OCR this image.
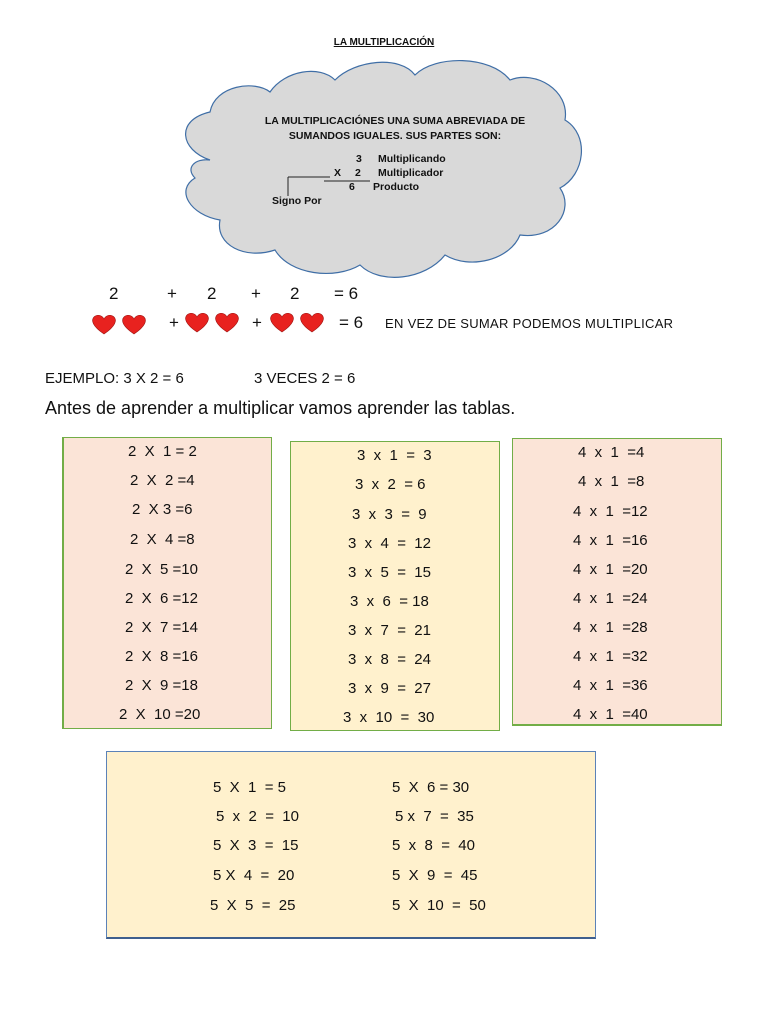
LA MULTIPLICACIÓN
LA MULTIPLICACIÓNES UNA SUMA ABREVIADA DE
SUMANDOS IGUALES. SUS PARTES SON:
3 Multiplicando
X 2 Multiplicador
6 Producto
Signo Por
2	+ 2 + 2 = 6
+	+	= 6 EN VEZ DE SUMAR PODEMOS MULTIPLICAR
EJEMPLO: 3 X 2 = 6	3 VECES 2 = 6
Antes de aprender a multiplicar vamos aprender las tablas.
2  X  1 = 2
2  X  2 =4
2  X 3 =6
2  X  4 =8
2  X  5 =10
2  X  6 =12
2  X  7 =14
2  X  8 =16
2  X  9 =18
2  X  10 =20
3  x  1  =  3
3  x  2  = 6
3  x  3  =  9
3  x  4  =  12
3  x  5  =  15
3  x  6  = 18
3  x  7  =  21
3  x  8  =  24
3  x  9  =  27
3  x  10  =  30
4  x  1  =4
4  x  1  =8
4  x  1  =12
4  x  1  =16
4  x  1  =20
4  x  1  =24
4  x  1  =28
4  x  1  =32
4  x  1  =36
4  x  1  =40
5  X  1  = 5
5  x  2  =  10
5  X  3  =  15
5 X  4  =  20
5  X  5  =  25
5  X  6 = 30
5 x  7  =  35
5  x  8  =  40
5  X  9  =  45
5  X  10  =  50
